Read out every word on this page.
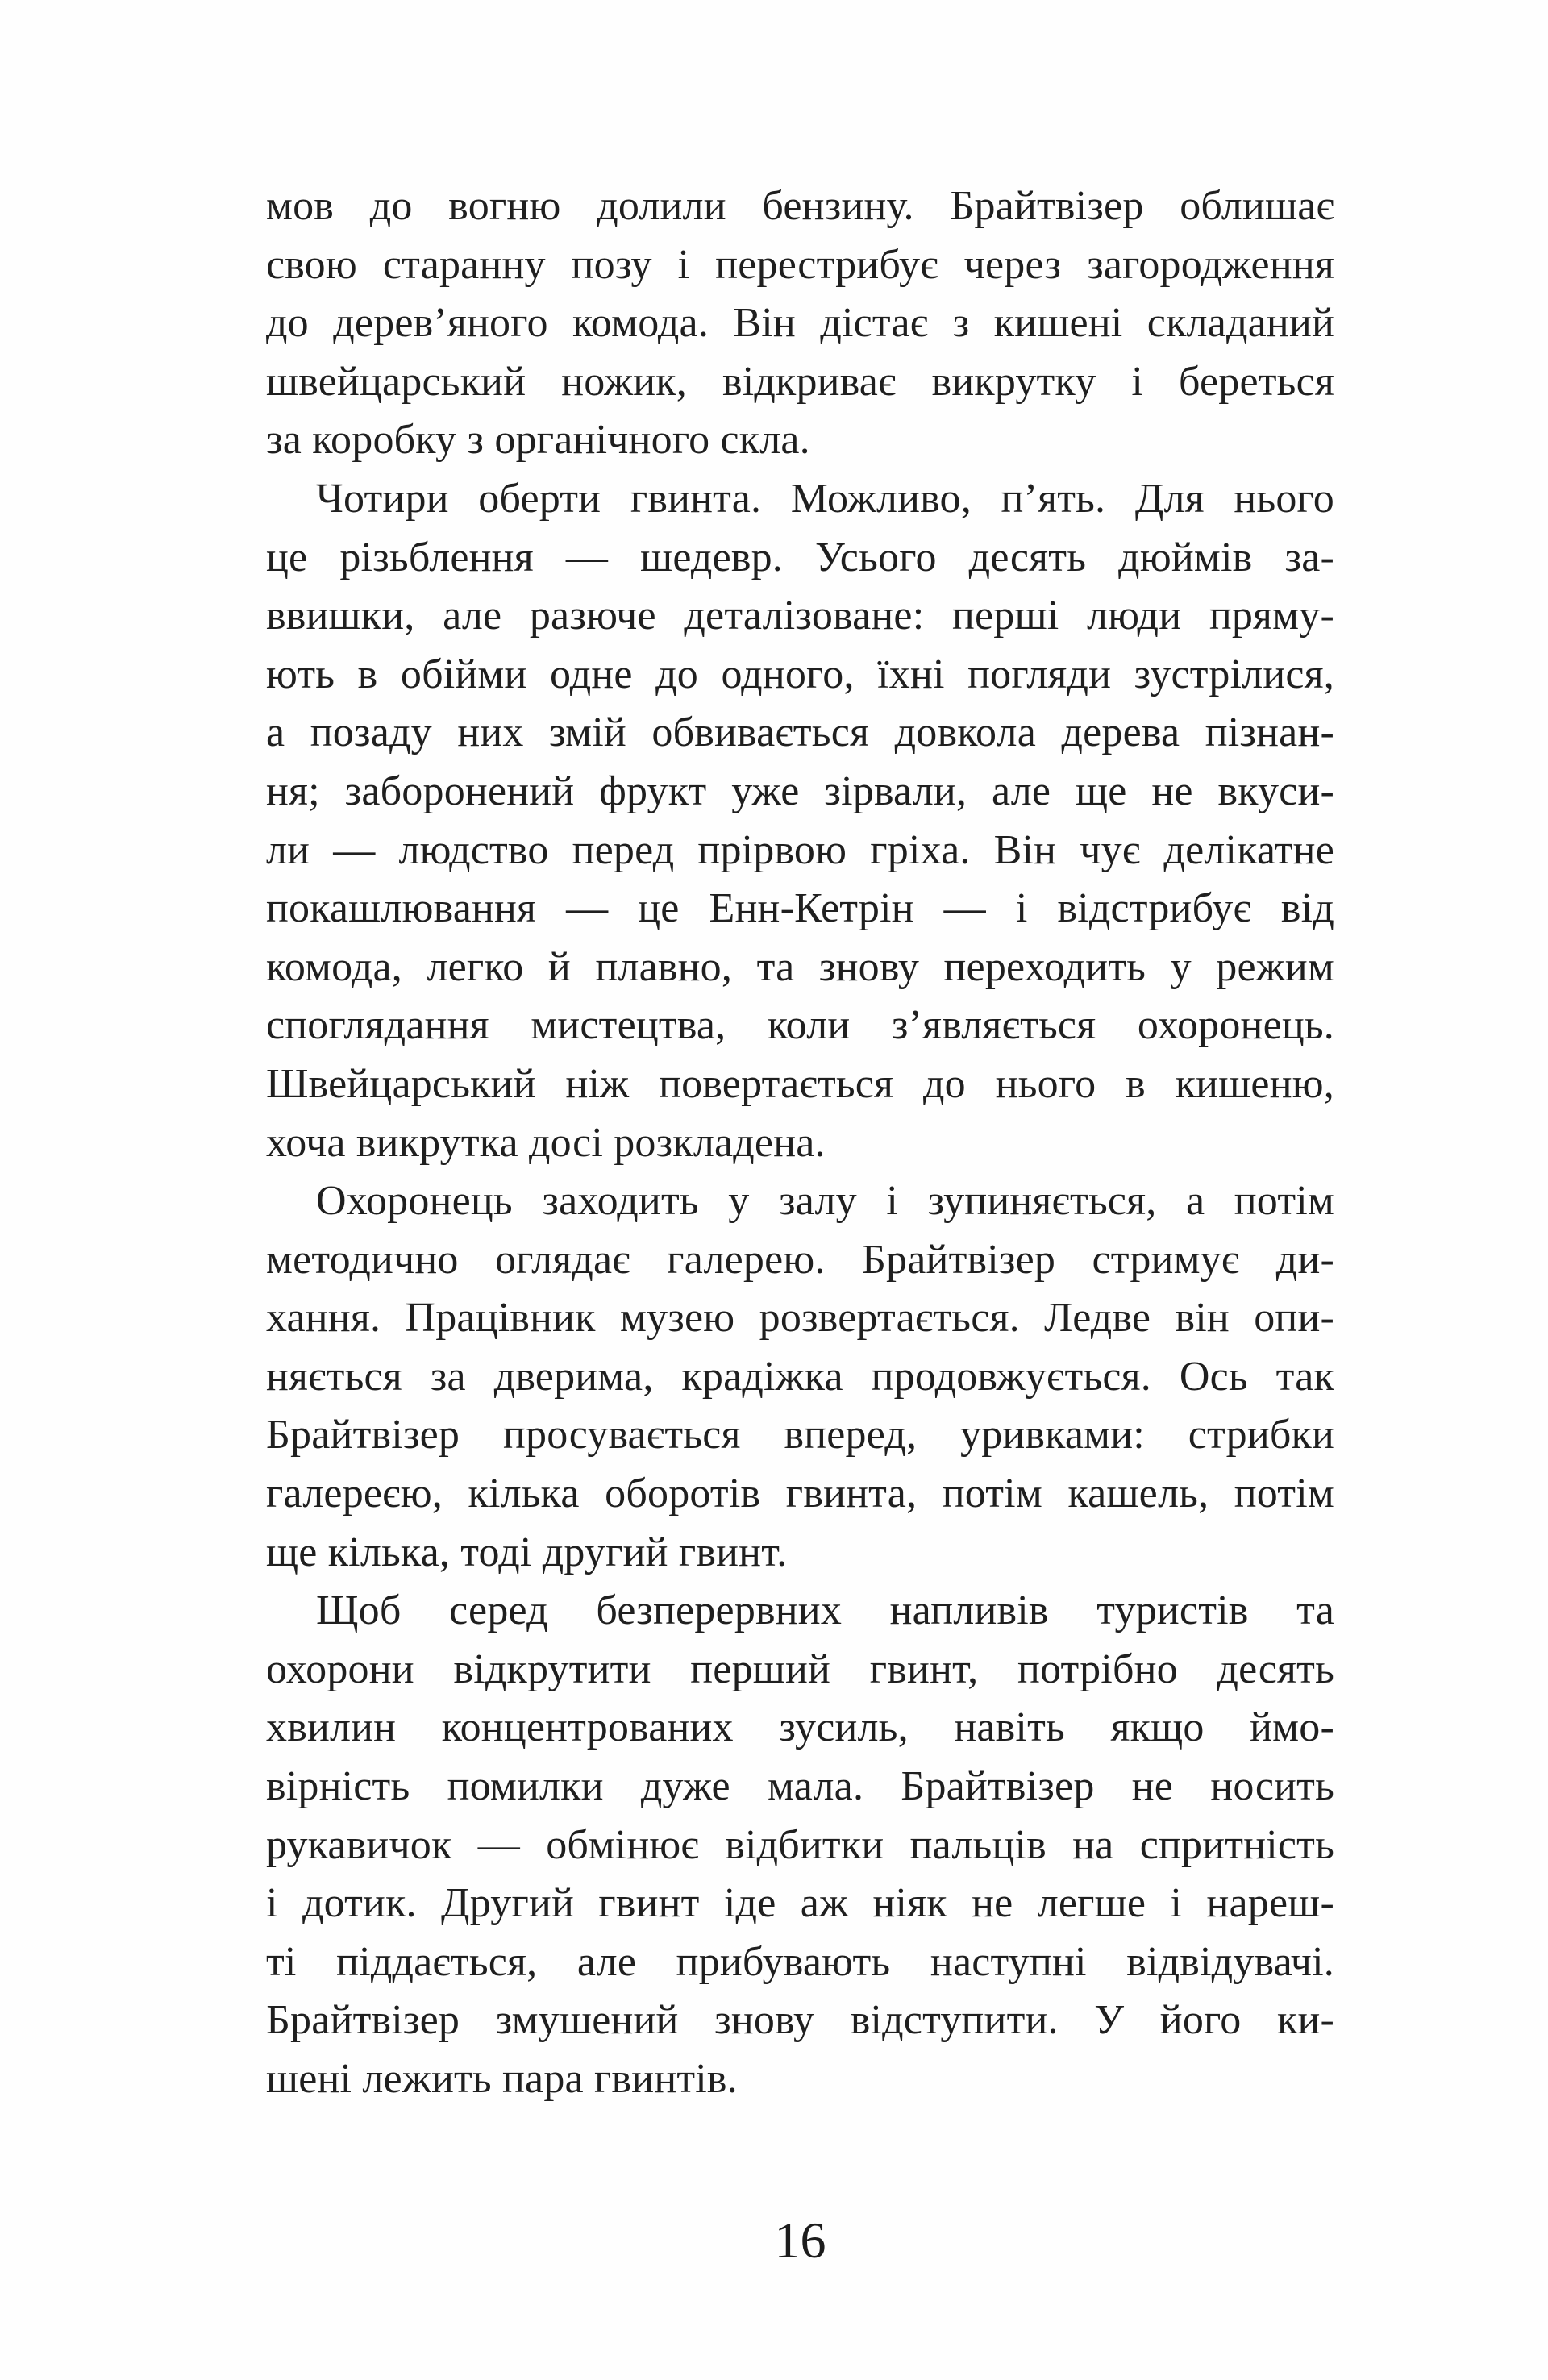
мов до вогню долили бензину. Брайтвізер облишає
свою старанну позу і перестрибує через загородження
до дерев’яного комода. Він дістає з кишені складаний
швейцарський ножик, відкриває викрутку і береться
за коробку з органічного скла.
Чотири оберти гвинта. Можливо, п’ять. Для нього
це різьблення — шедевр. Усього десять дюймів за-
ввишки, але разюче деталізоване: перші люди пряму-
ють в обійми одне до одного, їхні погляди зустрілися,
а позаду них змій обвивається довкола дерева пізнан-
ня; заборонений фрукт уже зірвали, але ще не вкуси-
ли — людство перед прірвою гріха. Він чує делікатне
покашлювання — це Енн-Кетрін — і відстрибує від
комода, легко й плавно, та знову переходить у режим
споглядання мистецтва, коли з’являється охоронець.
Швейцарський ніж повертається до нього в кишеню,
хоча викрутка досі розкладена.
Охоронець заходить у залу і зупиняється, а потім
методично оглядає галерею. Брайтвізер стримує ди-
хання. Працівник музею розвертається. Ледве він опи-
няється за дверима, крадіжка продовжується. Ось так
Брайтвізер просувається вперед, уривками: стрибки
галереєю, кілька оборотів гвинта, потім кашель, потім
ще кілька, тоді другий гвинт.
Щоб серед безперервних напливів туристів та
охорони відкрутити перший гвинт, потрібно десять
хвилин концентрованих зусиль, навіть якщо ймо-
вірність помилки дуже мала. Брайтвізер не носить
рукавичок — обмінює відбитки пальців на спритність
і дотик. Другий гвинт іде аж ніяк не легше і нареш-
ті піддається, але прибувають наступні відвідувачі.
Брайтвізер змушений знову відступити. У його ки-
шені лежить пара гвинтів.
16
